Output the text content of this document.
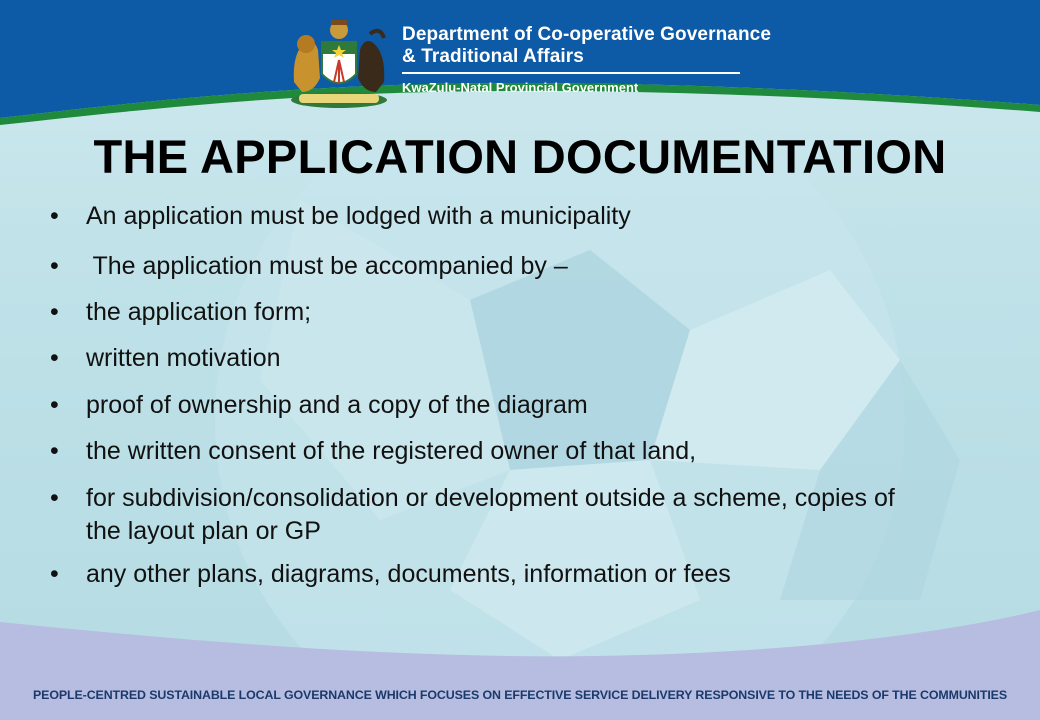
Department of Co-operative Governance
& Traditional Affairs
KwaZulu-Natal Provincial Government
THE APPLICATION DOCUMENTATION
• An application must be lodged with a municipality
• The application must be accompanied by –
• the application form;
• written motivation
• proof of ownership and a copy of the diagram
• the written consent of the registered owner of that land,
• for subdivision/consolidation or development outside a scheme, copies of the layout plan or GP
• any other plans, diagrams, documents, information or fees
PEOPLE-CENTRED SUSTAINABLE LOCAL GOVERNANCE WHICH FOCUSES ON EFFECTIVE SERVICE DELIVERY RESPONSIVE TO THE NEEDS OF THE COMMUNITIES
